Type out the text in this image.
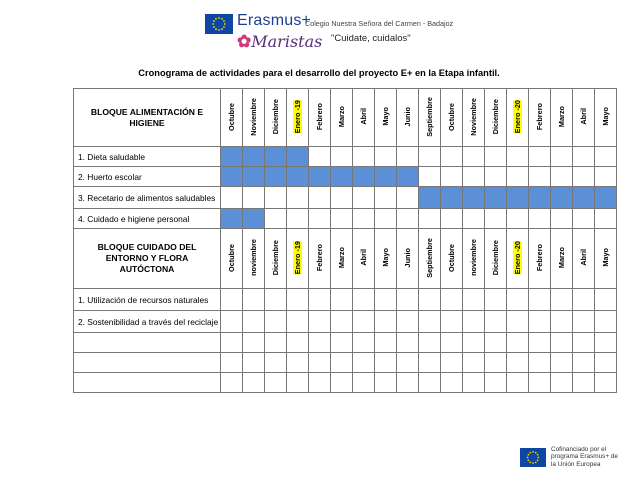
Erasmus+
Colegio Nuestra Señora del Carmen - Badajoz
✿Maristas "Cuidate, cuidalos"
Cronograma de actividades para el desarrollo del proyecto E+ en la Etapa infantil.
BLOQUE ALIMENTACIÓN E HIGIENE	Octubre	Noviembre	Diciembre	Enero -19	Febrero	Marzo	Abril	Mayo	Junio	Septiembre	Octubre	Noviembre	Diciembre	Enero -20	Febrero	Marzo	Abril	Mayo
1. Dieta saludable																		
2. Huerto escolar																		
3. Recetario de alimentos saludables																		
4. Cuidado e higiene personal																		
BLOQUE CUIDADO DEL ENTORNO Y FLORA AUTÓCTONA	Octubre	noviembre	Diciembre	Enero -19	Febrero	Marzo	Abril	Mayo	Junio	Septiembre	Octubre	noviembre	Diciembre	Enero -20	Febrero	Marzo	Abril	Mayo
1. Utilización de recursos naturales																		
2. Sostenibilidad a través del reciclaje																		

Cofinanciado por el programa Erasmus+ de la Unión Europea
